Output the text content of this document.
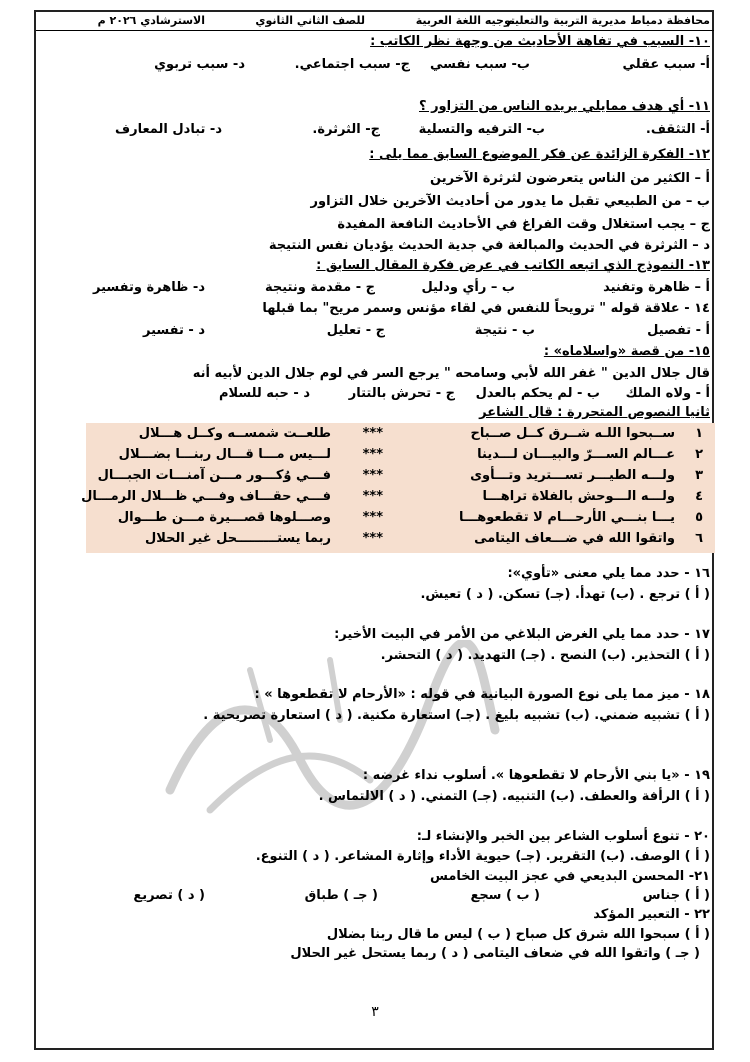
محافظة دمياط مديرية التربية والتعليم
توجيه اللغة العربية
للصف الثاني الثانوي
الاسترشادي ٢٠٢٦ م
١٠- السبب في تفاهة الأحاديث من وجهة نظر الكاتب :
أ- سبب عقلي
ب- سبب نفسي
ج- سبب اجتماعي.
د- سبب تربوي
١١- أي هدف ممايلي يريده الناس من التزاور ؟
أ- التثقف.
ب- الترفيه والتسلية
ج- الثرثرة.
د- تبادل المعارف
١٢- الفكرة الزائدة عن فكر الموضوع السابق مما يلى :
أ – الكثير من الناس يتعرضون لثرثرة الآخرين
ب – من الطبيعي تقبل ما يدور من أحاديث الآخرين خلال التزاور
ج – يجب استغلال وقت الفراغ في الأحاديث النافعة المفيدة
د – الثرثرة في الحديث والمبالغة في جدية الحديث يؤديان نفس النتيجة
١٣- النموذج الذي اتبعه الكاتب في عرض فكرة المقال السابق :
أ – ظاهرة وتفنيد
ب – رأي ودليل
ج - مقدمة ونتيجة
د- ظاهرة وتفسير
١٤ - علاقة قوله " ترويحاً للنفس في لقاء مؤنس وسمر مريح" بما قبلها
أ - تفصيل
ب - نتيجة
ج - تعليل
د - تفسير
١٥- من قصة «واسلاماه» :
قال جلال الدين " غفر الله لأبي وسامحه " يرجع السر في لوم جلال الدين لأبيه أنه
أ - ولاه الملك
ب - لم يحكم بالعدل
ج - تحرش بالتتار
د - حبه للسلام
ثانيا النصوص المتحررة : قال الشاعر
١
ســبحوا اللـه شــرق كــل صــباح
***
طلعــت شمســه وكــل هـــلال
٢
عـــالم الســـرّ والبيـــان لـــدينا
***
لـــيس مـــا قـــال ربنـــا بضـــلال
٣
ولـــه الطيـــر تســـتريد وتـــأوى
***
فـــي وُكـــور مـــن آمنـــات الجبـــال
٤
ولـــه الـــوحش بالفلاة تراهـــا
***
فـــي حقـــاف وفـــي ظـــلال الرمـــال
٥
يـــا بنـــي الأرحـــام لا تقطعوهـــا
***
وصـــلوها قصـــيرة مـــن طـــوال
٦
واتقوا الله في ضـــعاف اليتامى
***
ربما يستـــــــــحل غير الحلال
١٦ - حدد مما يلي معنى «تأوي»:
( أ ) ترجع . (ب) تهدأ. (جـ) تسكن. ( د ) تعيش.
١٧ - حدد مما يلي الغرض البلاغي من الأمر في البيت الأخير:
( أ ) التحذير. (ب) النصح . (جـ) التهديد. ( د ) التحشر.
١٨ - ميز مما يلى نوع الصورة البيانية في قوله : «الأرحام لا تقطعوها » :
( أ ) تشبيه ضمني. (ب) تشبيه بليغ . (جـ) استعارة مكنية. ( د ) استعارة تصريحية .
١٩ - «يا بني الأرحام لا تقطعوها ». أسلوب نداء غرضه :
( أ ) الرأفة والعطف. (ب) التنبيه. (جـ) التمني. ( د ) الالتماس .
٢٠ - تنوع أسلوب الشاعر بين الخبر والإنشاء لـ:
( أ ) الوصف. (ب) التقرير. (جـ) حيوية الأداء وإثارة المشاعر. ( د ) التنوع.
٢١- المحسن البديعي في عجز البيت الخامس
( أ ) جناس
( ب ) سجع
( جـ ) طباق
( د ) تصريع
٢٢ - التعبير المؤكد
( أ ) سبحوا الله شرق كل صباح ( ب ) ليس ما قال ربنا بضلال
( جـ ) واتقوا الله في ضعاف اليتامى ( د ) ربما يستحل غير الحلال
٣
